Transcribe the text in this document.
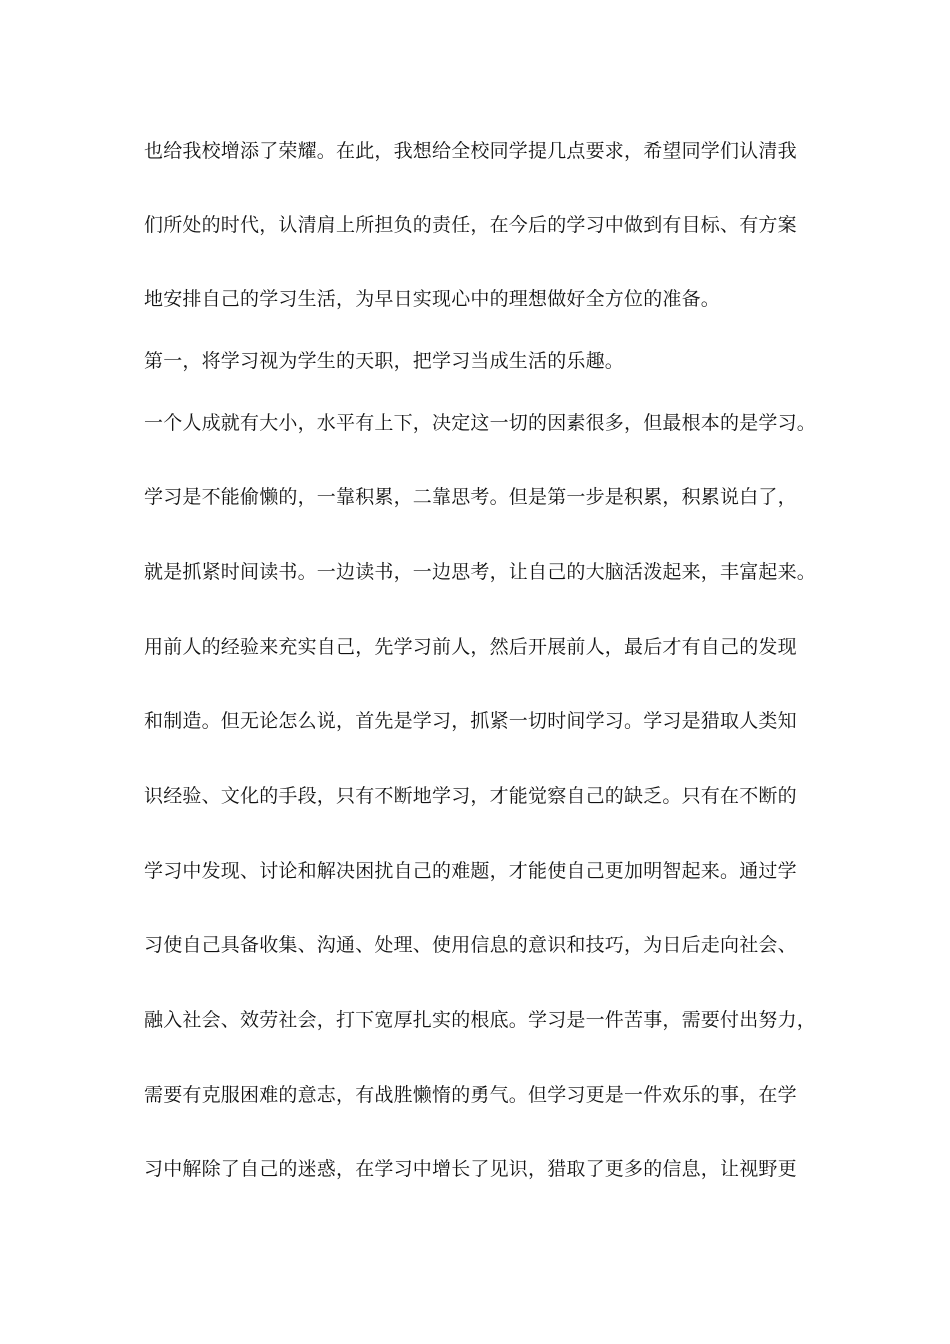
也给我校增添了荣耀。在此，我想给全校同学提几点要求，希望同学们认清我
们所处的时代，认清肩上所担负的责任，在今后的学习中做到有目标、有方案
地安排自己的学习生活，为早日实现心中的理想做好全方位的准备。
第一，将学习视为学生的天职，把学习当成生活的乐趣。
一个人成就有大小，水平有上下，决定这一切的因素很多，但最根本的是学习。
学习是不能偷懒的，一靠积累，二靠思考。但是第一步是积累，积累说白了，
就是抓紧时间读书。一边读书，一边思考，让自己的大脑活泼起来，丰富起来。
用前人的经验来充实自己，先学习前人，然后开展前人，最后才有自己的发现
和制造。但无论怎么说，首先是学习，抓紧一切时间学习。学习是猎取人类知
识经验、文化的手段，只有不断地学习，才能觉察自己的缺乏。只有在不断的
学习中发现、讨论和解决困扰自己的难题，才能使自己更加明智起来。通过学
习使自己具备收集、沟通、处理、使用信息的意识和技巧，为日后走向社会、
融入社会、效劳社会，打下宽厚扎实的根底。学习是一件苦事，需要付出努力，
需要有克服困难的意志，有战胜懒惰的勇气。但学习更是一件欢乐的事，在学
习中解除了自己的迷惑，在学习中增长了见识，猎取了更多的信息，让视野更
